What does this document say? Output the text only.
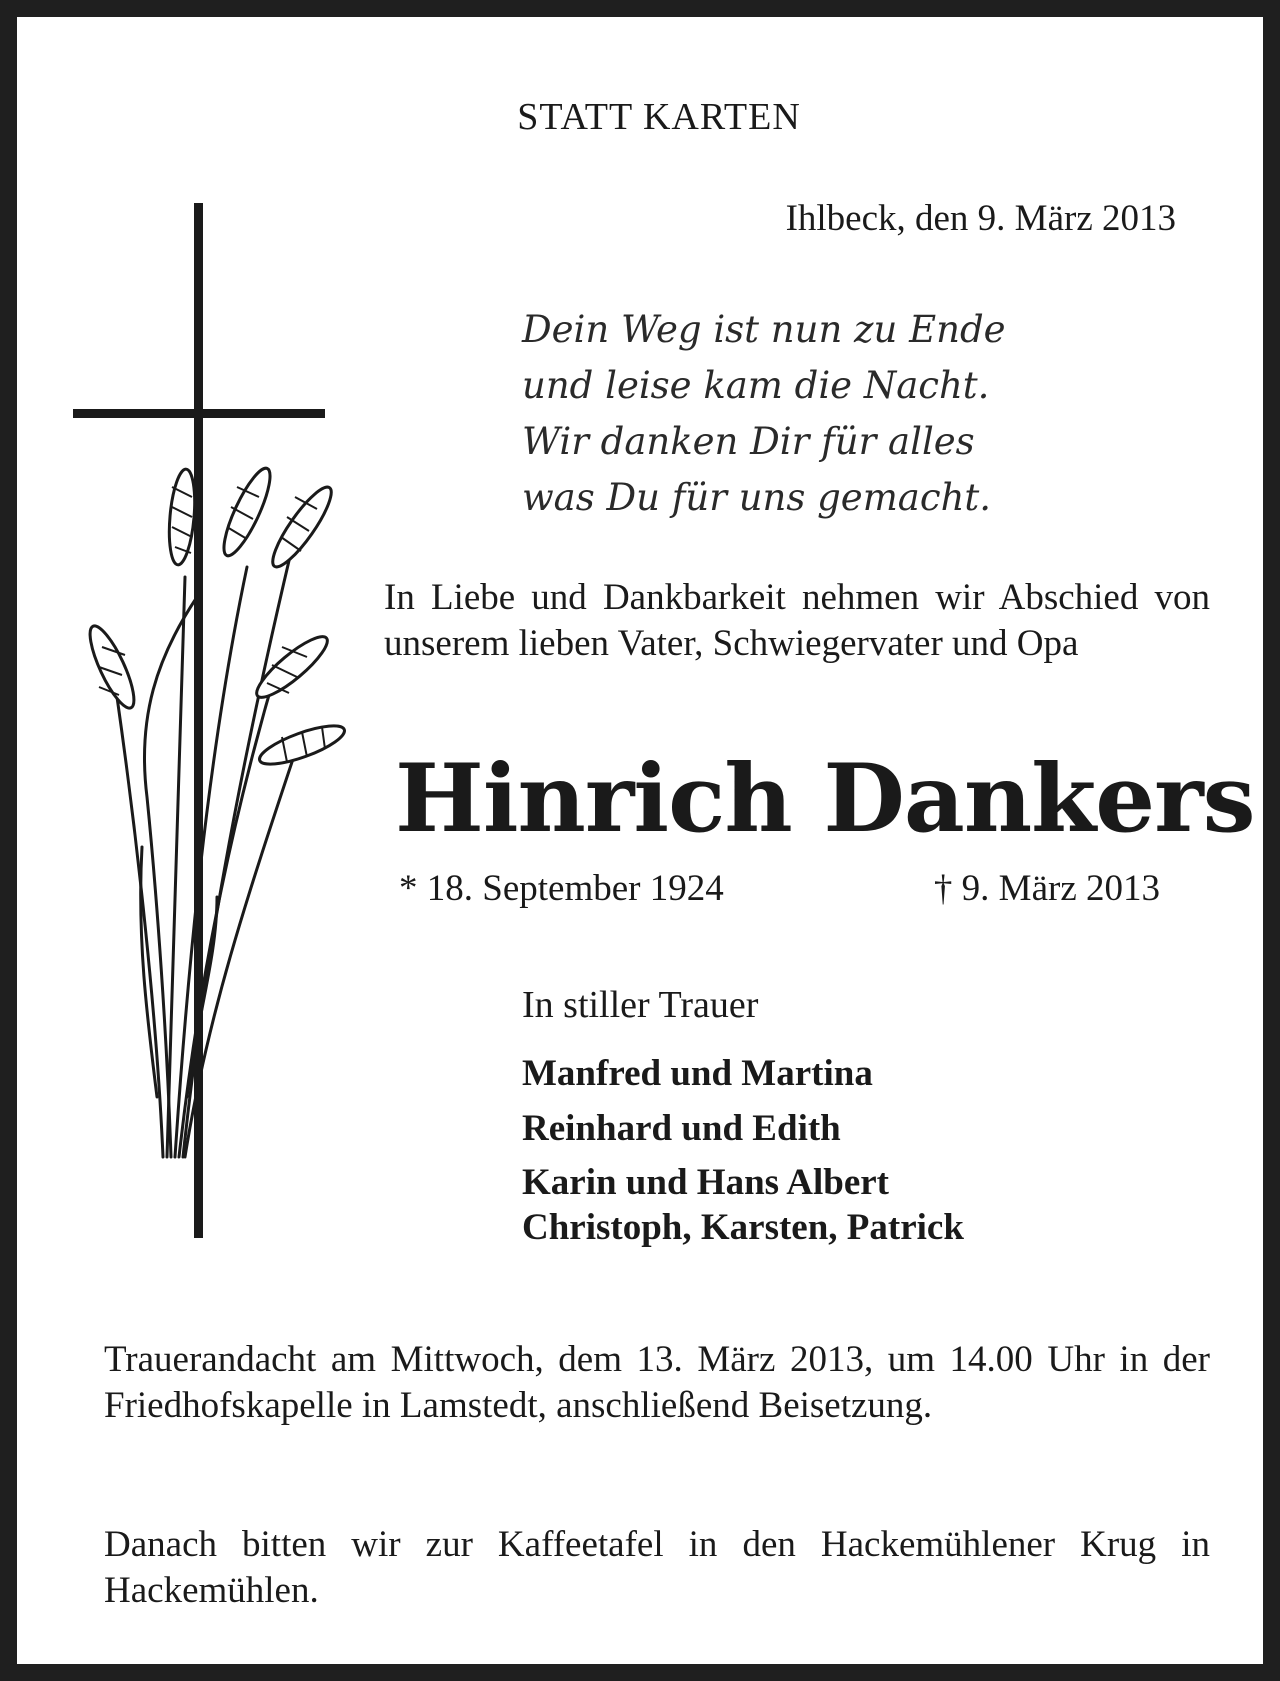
STATT KARTEN
Ihlbeck, den 9. März 2013
Dein Weg ist nun zu Ende
und leise kam die Nacht.
Wir danken Dir für alles
was Du für uns gemacht.
In Liebe und Dankbarkeit nehmen wir Abschied von unserem lieben Vater, Schwiegervater und Opa
Hinrich Dankers
* 18. September 1924	† 9. März 2013
In stiller Trauer
Manfred und Martina
Reinhard und Edith
Karin und Hans Albert
Christoph, Karsten, Patrick
Trauerandacht am Mittwoch, dem 13. März 2013, um 14.00 Uhr in der Friedhofskapelle in Lamstedt, anschließend Beisetzung.
Danach bitten wir zur Kaffeetafel in den Hackemühlener Krug in Hackemühlen.
